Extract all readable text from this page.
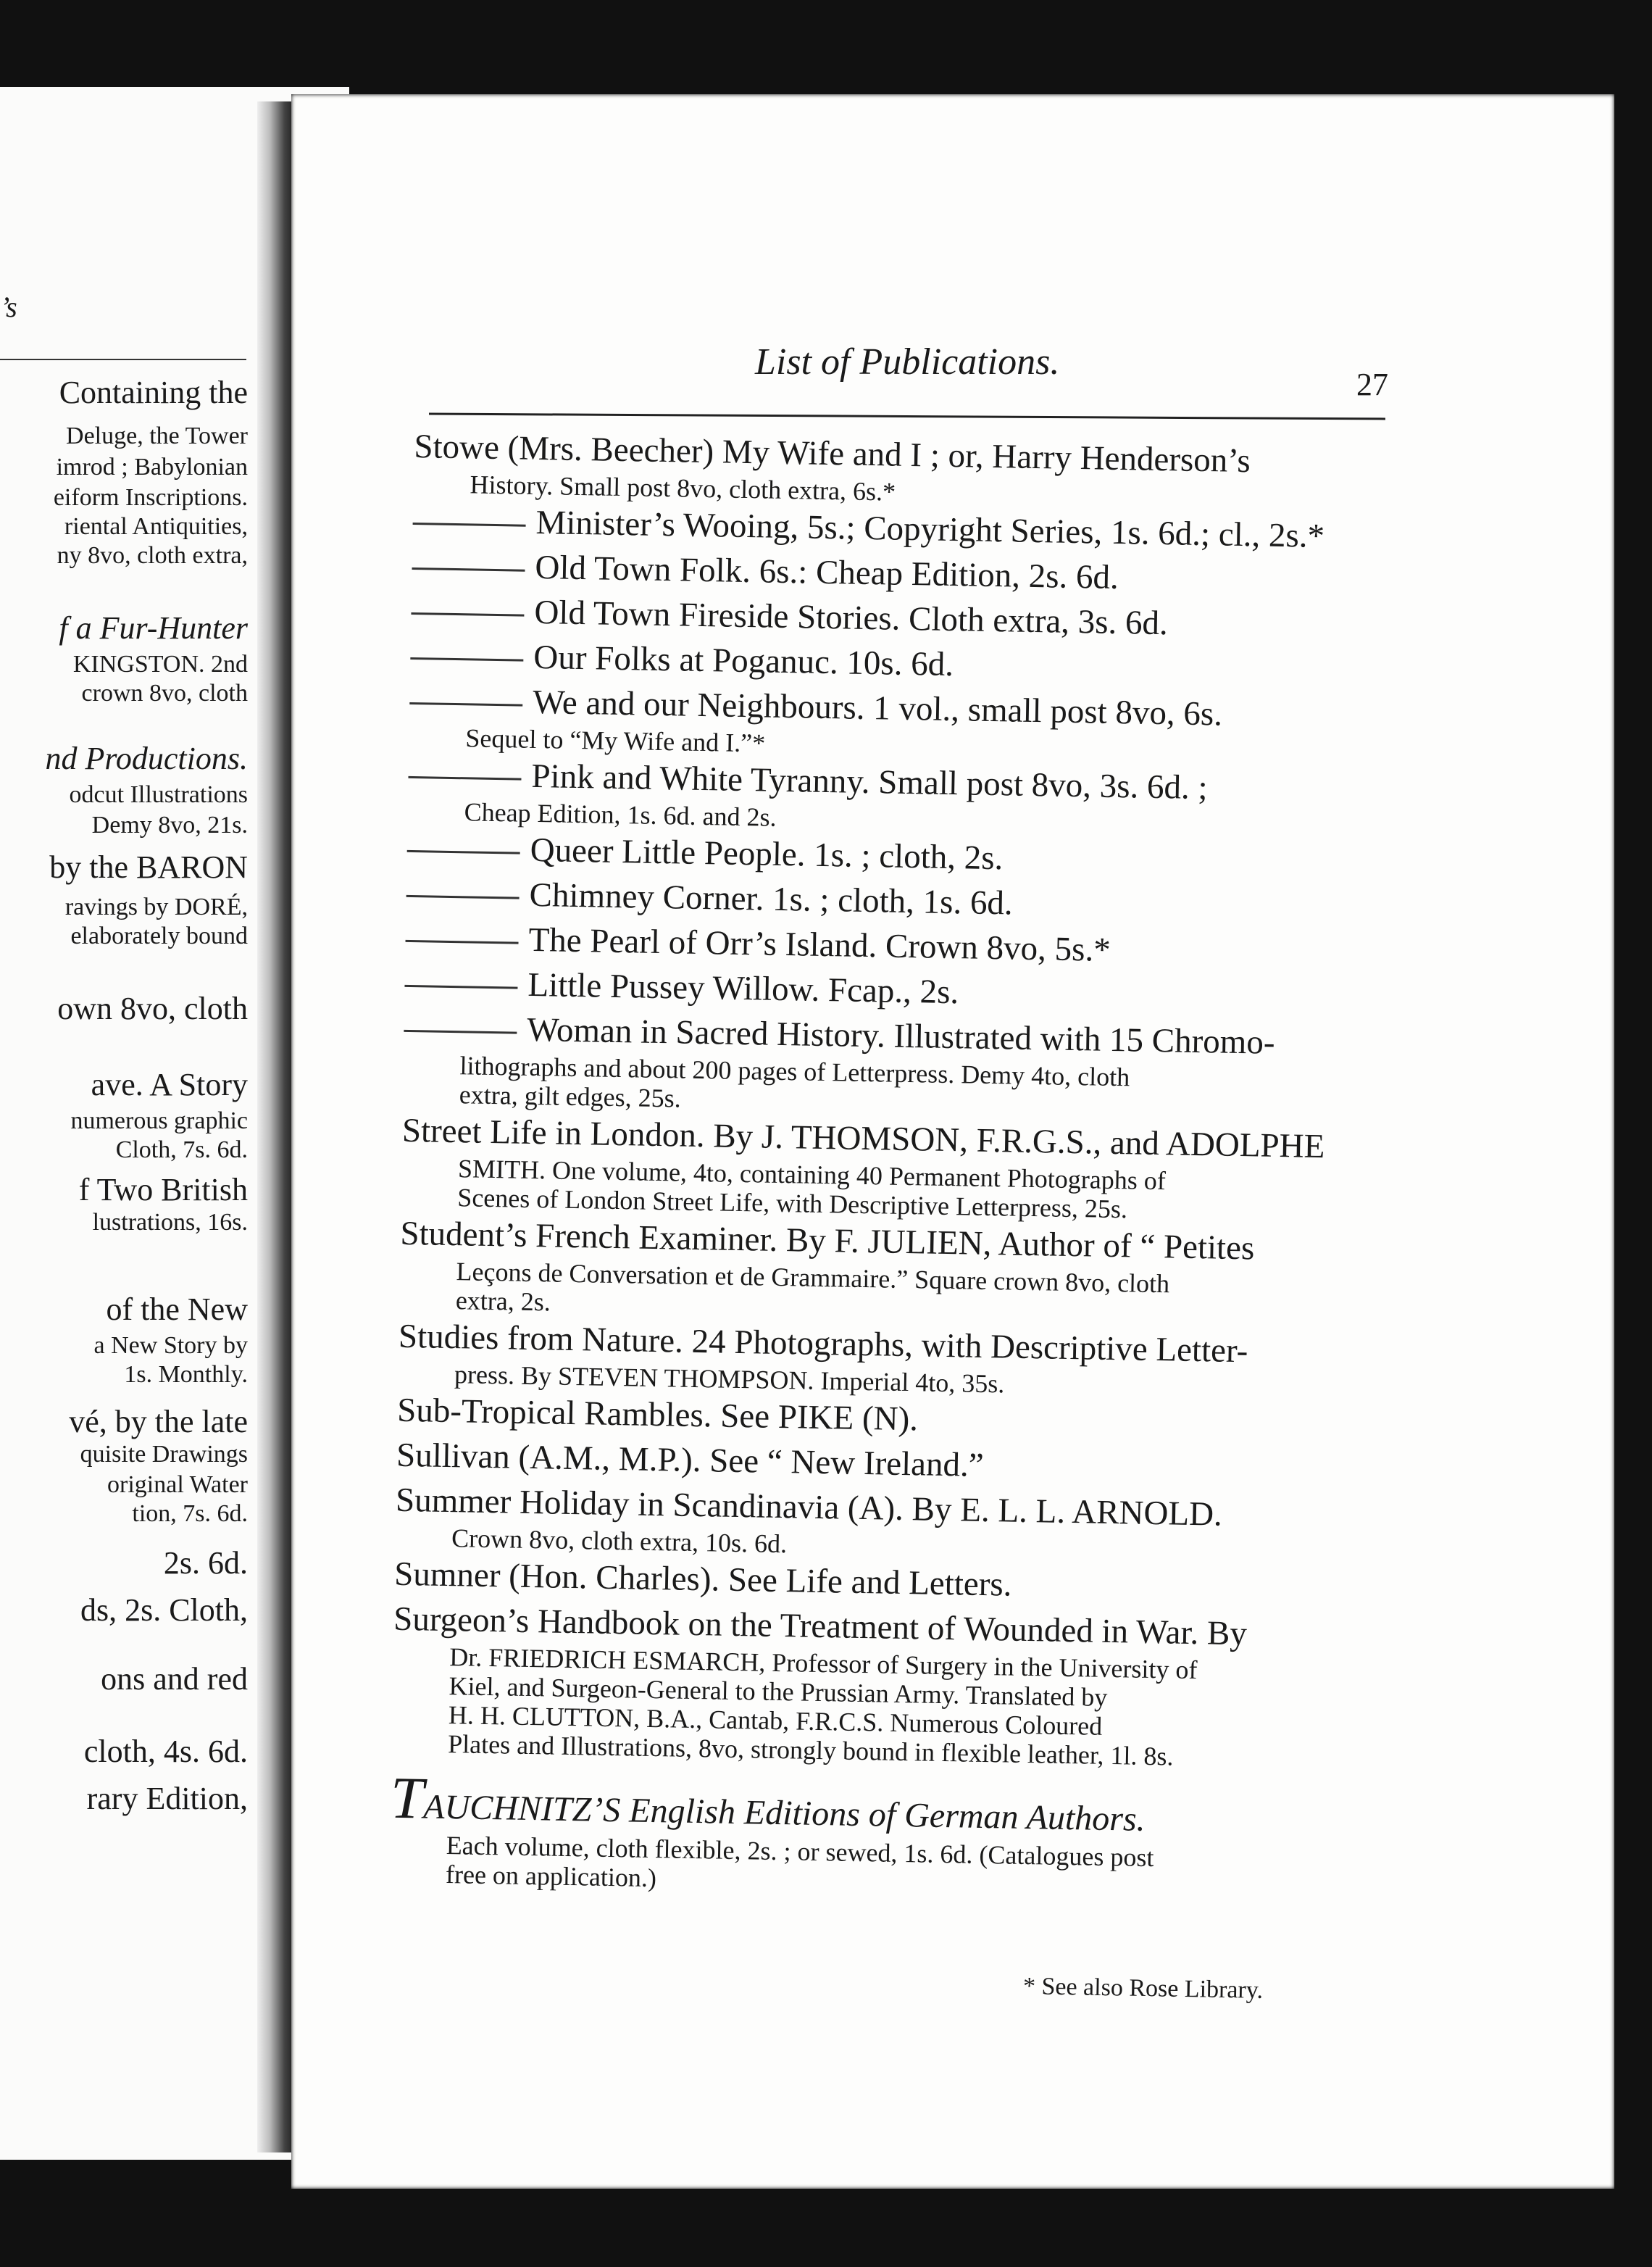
’s
Containing the
Deluge, the Tower
imrod ; Babylonian
eiform Inscriptions.
riental Antiquities,
ny 8vo, cloth extra,
f a Fur-Hunter
KINGSTON. 2nd
crown 8vo, cloth
nd Productions.
odcut Illustrations
Demy 8vo, 21s.
by the BARON
ravings by DORÉ,
elaborately bound
own 8vo, cloth
ave. A Story
numerous graphic
Cloth, 7s. 6d.
f Two British
lustrations, 16s.
of the New
a New Story by
1s. Monthly.
vé, by the late
quisite Drawings
original Water
tion, 7s. 6d.
2s. 6d.
ds, 2s. Cloth,
ons and red
cloth, 4s. 6d.
rary Edition,
List of Publications.
27
Stowe (Mrs. Beecher) My Wife and I ; or, Harry Henderson’s
History. Small post 8vo, cloth extra, 6s.*
Minister’s Wooing, 5s.; Copyright Series, 1s. 6d.; cl., 2s.*
Old Town Folk. 6s.: Cheap Edition, 2s. 6d.
Old Town Fireside Stories. Cloth extra, 3s. 6d.
Our Folks at Poganuc. 10s. 6d.
We and our Neighbours. 1 vol., small post 8vo, 6s.
Sequel to “My Wife and I.”*
Pink and White Tyranny. Small post 8vo, 3s. 6d. ;
Cheap Edition, 1s. 6d. and 2s.
Queer Little People. 1s. ; cloth, 2s.
Chimney Corner. 1s. ; cloth, 1s. 6d.
The Pearl of Orr’s Island. Crown 8vo, 5s.*
Little Pussey Willow. Fcap., 2s.
Woman in Sacred History. Illustrated with 15 Chromo-
lithographs and about 200 pages of Letterpress. Demy 4to, cloth
extra, gilt edges, 25s.
Street Life in London. By J. THOMSON, F.R.G.S., and ADOLPHE
SMITH. One volume, 4to, containing 40 Permanent Photographs of
Scenes of London Street Life, with Descriptive Letterpress, 25s.
Student’s French Examiner. By F. JULIEN, Author of “ Petites
Leçons de Conversation et de Grammaire.” Square crown 8vo, cloth
extra, 2s.
Studies from Nature. 24 Photographs, with Descriptive Letter-
press. By STEVEN THOMPSON. Imperial 4to, 35s.
Sub-Tropical Rambles. See PIKE (N).
Sullivan (A.M., M.P.). See “ New Ireland.”
Summer Holiday in Scandinavia (A). By E. L. L. ARNOLD.
Crown 8vo, cloth extra, 10s. 6d.
Sumner (Hon. Charles). See Life and Letters.
Surgeon’s Handbook on the Treatment of Wounded in War. By
Dr. FRIEDRICH ESMARCH, Professor of Surgery in the University of
Kiel, and Surgeon-General to the Prussian Army. Translated by
H. H. CLUTTON, B.A., Cantab, F.R.C.S. Numerous Coloured
Plates and Illustrations, 8vo, strongly bound in flexible leather, 1l. 8s.
TAUCHNITZ’S English Editions of German Authors.
Each volume, cloth flexible, 2s. ; or sewed, 1s. 6d. (Catalogues post
free on application.)
* See also Rose Library.
